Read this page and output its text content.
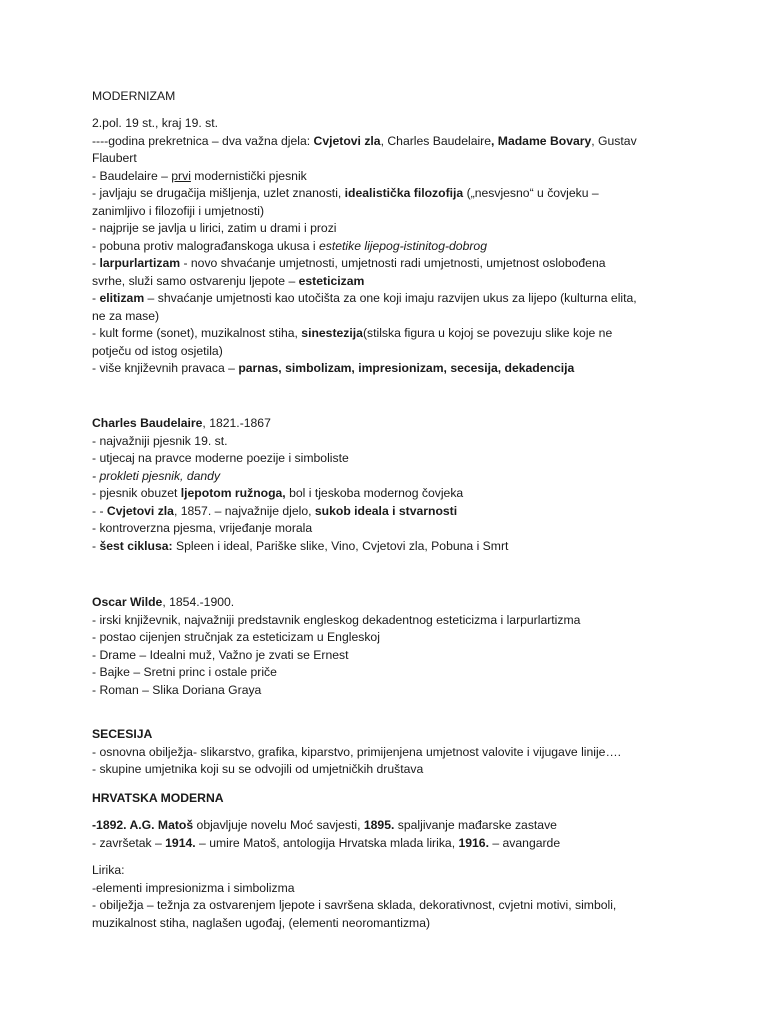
MODERNIZAM
2.pol. 19 st., kraj 19. st.
----godina prekretnica – dva važna djela: Cvjetovi zla, Charles Baudelaire, Madame Bovary, Gustav
Flaubert
- Baudelaire – prvi modernistički pjesnik
- javljaju se drugačija mišljenja, uzlet znanosti, idealistička filozofija („nesvjesno“ u čovjeku –
zanimljivo i filozofiji i umjetnosti)
- najprije se javlja u lirici, zatim u drami i prozi
- pobuna protiv malograđanskoga ukusa i estetike lijepog-istinitog-dobrog
- larpurlartizam - novo shvaćanje umjetnosti, umjetnosti radi umjetnosti, umjetnost oslobođena
svrhe, služi samo ostvarenju ljepote – esteticizam
- elitizam – shvaćanje umjetnosti kao utočišta za one koji imaju razvijen ukus za lijepo (kulturna elita,
ne za mase)
- kult forme (sonet), muzikalnost stiha, sinestezija(stilska figura u kojoj se povezuju slike koje ne
potječu od istog osjetila)
- više književnih pravaca – parnas, simbolizam, impresionizam, secesija, dekadencija
Charles Baudelaire, 1821.-1867
- najvažniji pjesnik 19. st.
- utjecaj na pravce moderne poezije i simboliste
- prokleti pjesnik, dandy
- pjesnik obuzet ljepotom ružnoga, bol i tjeskoba modernog čovjeka
- - Cvjetovi zla, 1857. – najvažnije djelo, sukob ideala i stvarnosti
- kontroverzna pjesma, vrijeđanje morala
- šest ciklusa: Spleen i ideal, Pariške slike, Vino, Cvjetovi zla, Pobuna i Smrt
Oscar Wilde, 1854.-1900.
- irski književnik, najvažniji predstavnik engleskog dekadentnog esteticizma i larpurlartizma
- postao cijenjen stručnjak za esteticizam u Engleskoj
- Drame – Idealni muž, Važno je zvati se Ernest
- Bajke – Sretni princ i ostale priče
- Roman – Slika Doriana Graya
SECESIJA
- osnovna obilježja- slikarstvo, grafika, kiparstvo, primijenjena umjetnost valovite i vijugave linije….
- skupine umjetnika koji su se odvojili od umjetničkih društava
HRVATSKA MODERNA
-1892. A.G. Matoš objavljuje novelu Moć savjesti, 1895. spaljivanje mađarske zastave
- završetak – 1914. – umire Matoš, antologija Hrvatska mlada lirika, 1916. – avangarde
Lirika:
-elementi impresionizma i simbolizma
- obilježja – težnja za ostvarenjem ljepote i savršena sklada, dekorativnost, cvjetni motivi, simboli,
muzikalnost stiha, naglašen ugođaj, (elementi neoromantizma)
